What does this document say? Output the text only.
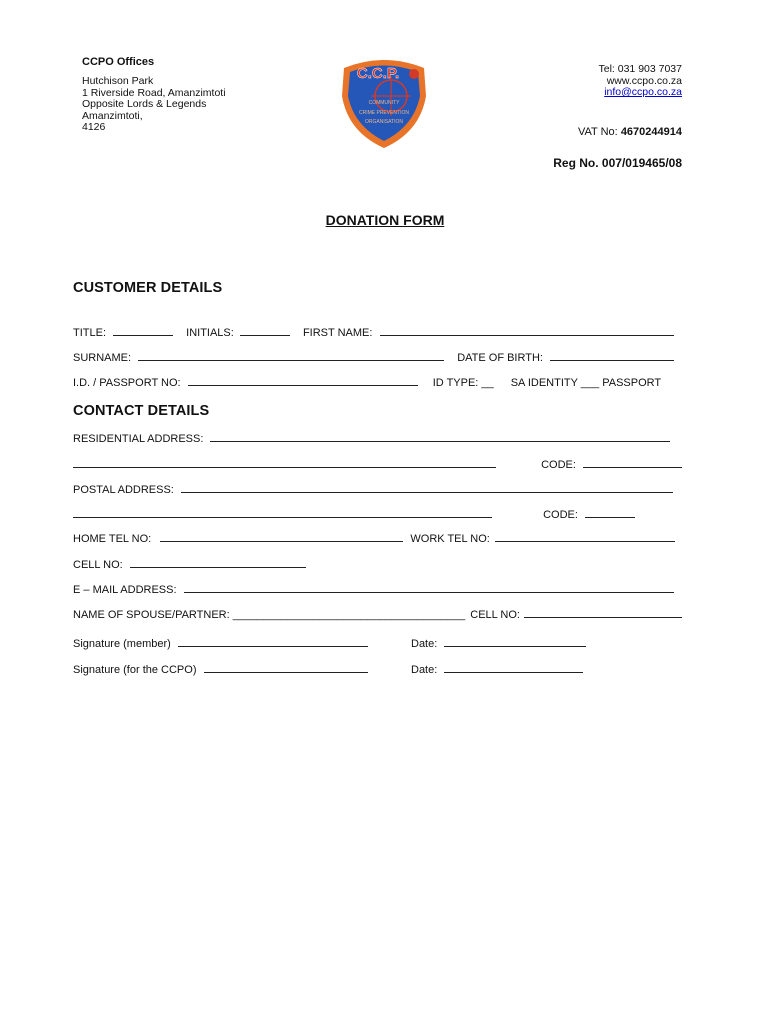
CCPO Offices
Hutchison Park
1 Riverside Road, Amanzimtoti
Opposite Lords & Legends
Amanzimtoti,
4126
C.C.P.
COMMUNITY
CRIME PREVENTION
ORGANISATION
Tel: 031 903 7037
www.ccpo.co.za
info@ccpo.co.za
VAT No: 4670244914
Reg No. 007/019465/08
DONATION FORM
CUSTOMER DETAILS
TITLE:	INITIALS:	FIRST NAME:
SURNAME:	DATE OF BIRTH:
I.D. / PASSPORT NO:	ID TYPE: __ SA IDENTITY ___ PASSPORT
CONTACT DETAILS
RESIDENTIAL ADDRESS:
CODE:
POSTAL ADDRESS:
CODE:
HOME TEL NO:	WORK TEL NO:
CELL NO:
E – MAIL ADDRESS:
NAME OF SPOUSE/PARTNER: ______________________________________ CELL NO:
Signature (member)	Date:
Signature (for the CCPO)	Date:
